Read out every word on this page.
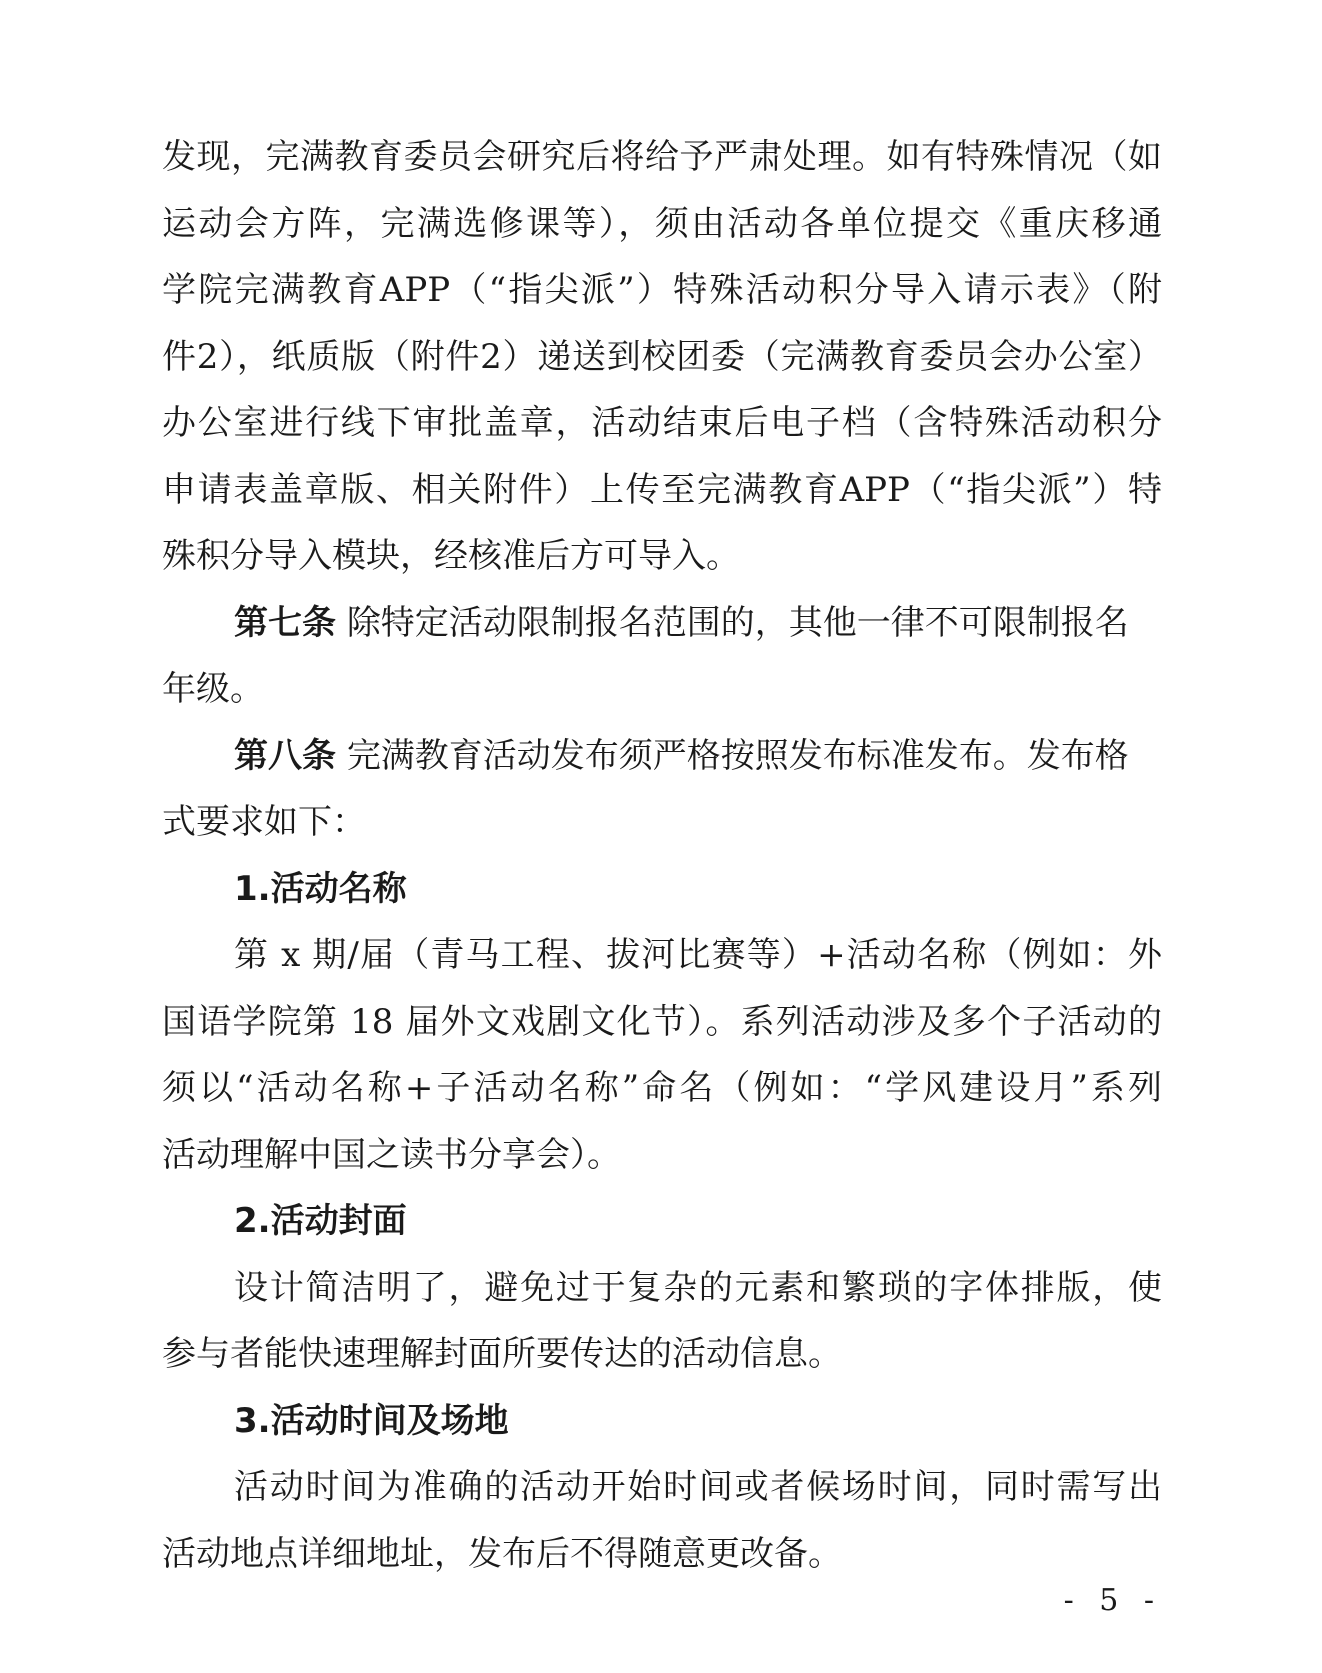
发现，完满教育委员会研究后将给予严肃处理。如有特殊情况（如
运动会方阵，完满选修课等），须由活动各单位提交《重庆移通
学院完满教育APP（“指尖派”）特殊活动积分导入请示表》（附
件2），纸质版（附件2）递送到校团委（完满教育委员会办公室）
办公室进行线下审批盖章，活动结束后电子档（含特殊活动积分
申请表盖章版、相关附件）上传至完满教育APP（“指尖派”）特
殊积分导入模块，经核准后方可导入。
第七条 除特定活动限制报名范围的，其他一律不可限制报名
年级。
第八条 完满教育活动发布须严格按照发布标准发布。发布格
式要求如下：
1.活动名称
第 x 期/届（青马工程、拔河比赛等）+活动名称（例如：外
国语学院第 18 届外文戏剧文化节）。系列活动涉及多个子活动的
须以“活动名称+子活动名称”命名（例如：“学风建设月”系列
活动理解中国之读书分享会）。
2.活动封面
设计简洁明了，避免过于复杂的元素和繁琐的字体排版，使
参与者能快速理解封面所要传达的活动信息。
3.活动时间及场地
活动时间为准确的活动开始时间或者候场时间，同时需写出
活动地点详细地址，发布后不得随意更改备。
- 5 -
